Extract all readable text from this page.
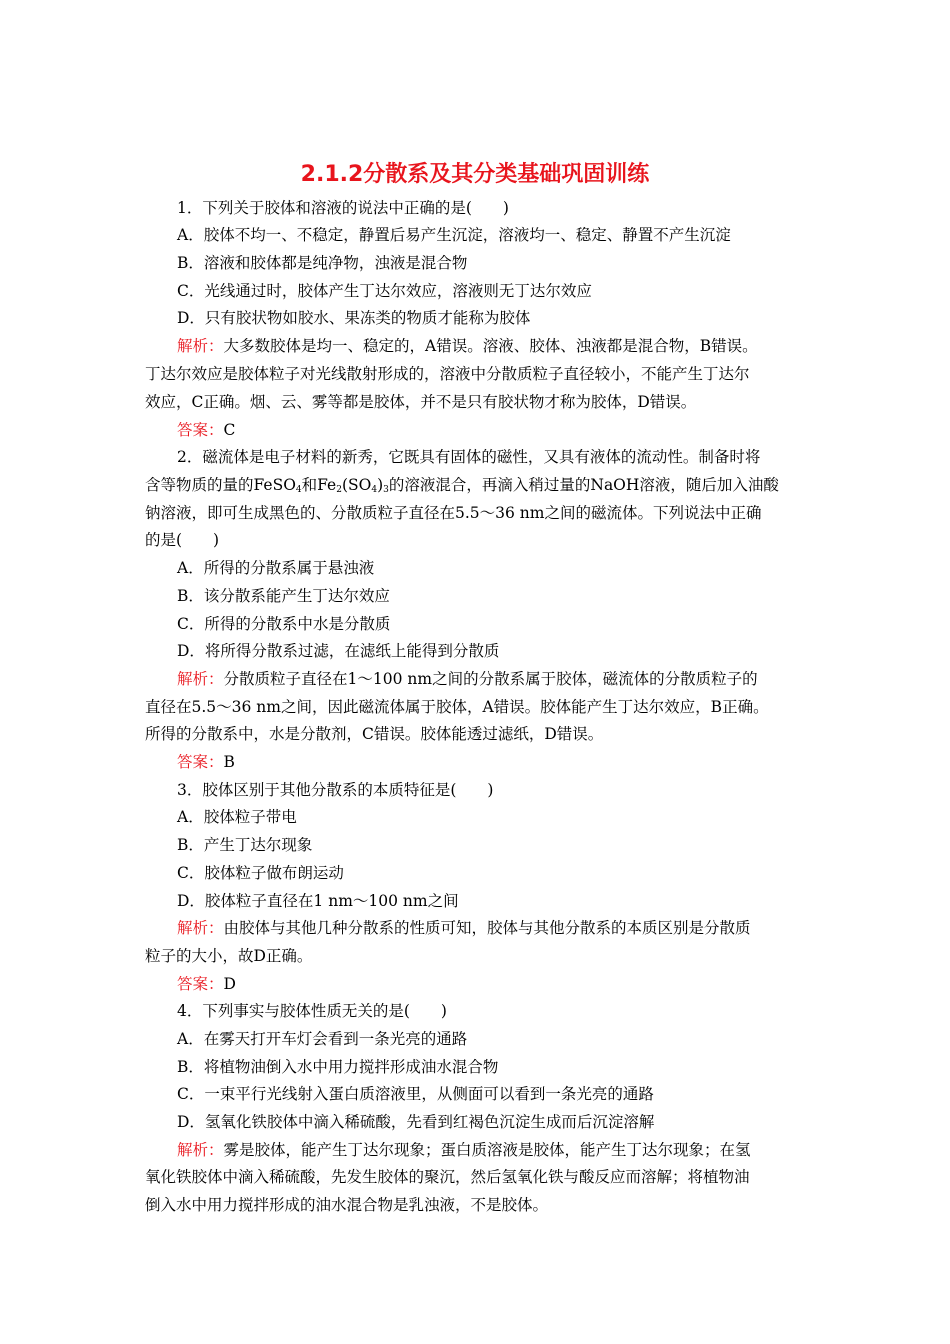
2.1.2分散系及其分类基础巩固训练
1．下列关于胶体和溶液的说法中正确的是(　　)
A．胶体不均一、不稳定，静置后易产生沉淀，溶液均一、稳定、静置不产生沉淀
B．溶液和胶体都是纯净物，浊液是混合物
C．光线通过时，胶体产生丁达尔效应，溶液则无丁达尔效应
D．只有胶状物如胶水、果冻类的物质才能称为胶体
解析：大多数胶体是均一、稳定的，A错误。溶液、胶体、浊液都是混合物，B错误。
丁达尔效应是胶体粒子对光线散射形成的，溶液中分散质粒子直径较小，不能产生丁达尔
效应，C正确。烟、云、雾等都是胶体，并不是只有胶状物才称为胶体，D错误。
答案：C
2．磁流体是电子材料的新秀，它既具有固体的磁性，又具有液体的流动性。制备时将
含等物质的量的FeSO$_4$和$Fe_2(SO_4)_3$的溶液混合，再滴入稍过量的NaOH溶液，随后加入油酸
钠溶液，即可生成黑色的、分散质粒子直径在5.5～36 nm之间的磁流体。下列说法中正确
的是(　　)
A．所得的分散系属于悬浊液
B．该分散系能产生丁达尔效应
C．所得的分散系中水是分散质
D．将所得分散系过滤，在滤纸上能得到分散质
解析：分散质粒子直径在1～100 nm之间的分散系属于胶体，磁流体的分散质粒子的
直径在5.5～36 nm之间，因此磁流体属于胶体，A错误。胶体能产生丁达尔效应，B正确。
所得的分散系中，水是分散剂，C错误。胶体能透过滤纸，D错误。
答案：B
3．胶体区别于其他分散系的本质特征是(　　)
A．胶体粒子带电
B．产生丁达尔现象
C．胶体粒子做布朗运动
D．胶体粒子直径在1 nm～100 nm之间
解析：由胶体与其他几种分散系的性质可知，胶体与其他分散系的本质区别是分散质
粒子的大小，故D正确。
答案：D
4．下列事实与胶体性质无关的是(　　)
A．在雾天打开车灯会看到一条光亮的通路
B．将植物油倒入水中用力搅拌形成油水混合物
C．一束平行光线射入蛋白质溶液里，从侧面可以看到一条光亮的通路
D．氢氧化铁胶体中滴入稀硫酸，先看到红褐色沉淀生成而后沉淀溶解
解析：雾是胶体，能产生丁达尔现象；蛋白质溶液是胶体，能产生丁达尔现象；在氢
氧化铁胶体中滴入稀硫酸，先发生胶体的聚沉，然后氢氧化铁与酸反应而溶解；将植物油
倒入水中用力搅拌形成的油水混合物是乳浊液，不是胶体。
